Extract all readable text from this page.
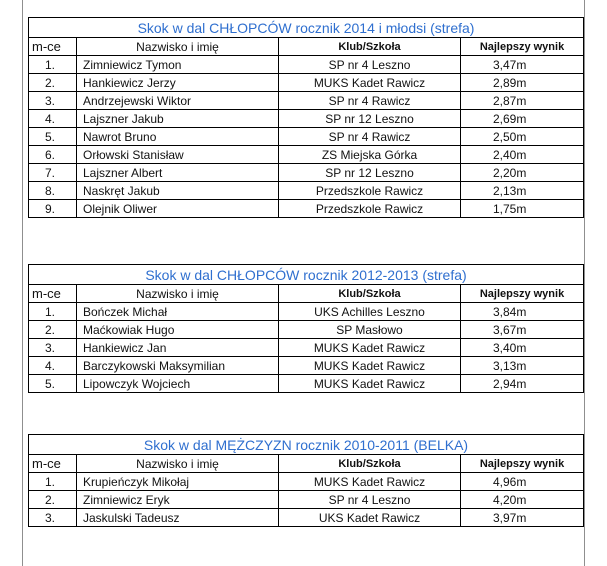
Skok w dal CHŁOPCÓW rocznik 2014 i młodsi (strefa)			
m-ce	Nazwisko i imię	Klub/Szkoła	Najlepszy wynik
1.	Zimniewicz Tymon	SP nr 4 Leszno	3,47m
2.	Hankiewicz Jerzy	MUKS Kadet Rawicz	2,89m
3.	Andrzejewski Wiktor	SP nr 4 Rawicz	2,87m
4.	Lajszner Jakub	SP nr 12 Leszno	2,69m
5.	Nawrot Bruno	SP nr 4 Rawicz	2,50m
6.	Orłowski Stanisław	ZS Miejska Górka	2,40m
7.	Lajszner Albert	SP nr 12 Leszno	2,20m
8.	Naskręt Jakub	Przedszkole Rawicz	2,13m
9.	Olejnik Oliwer	Przedszkole Rawicz	1,75m
Skok w dal CHŁOPCÓW rocznik 2012-2013 (strefa)			
m-ce	Nazwisko i imię	Klub/Szkoła	Najlepszy wynik
1.	Bończek Michał	UKS Achilles Leszno	3,84m
2.	Maćkowiak Hugo	SP Masłowo	3,67m
3.	Hankiewicz Jan	MUKS Kadet Rawicz	3,40m
4.	Barczykowski Maksymilian	MUKS Kadet Rawicz	3,13m
5.	Lipowczyk Wojciech	MUKS Kadet Rawicz	2,94m
Skok w dal MĘŻCZYZN rocznik 2010-2011 (BELKA)			
m-ce	Nazwisko i imię	Klub/Szkoła	Najlepszy wynik
1.	Krupieńczyk Mikołaj	MUKS Kadet Rawicz	4,96m
2.	Zimniewicz Eryk	SP nr 4 Leszno	4,20m
3.	Jaskulski Tadeusz	UKS Kadet Rawicz	3,97m
